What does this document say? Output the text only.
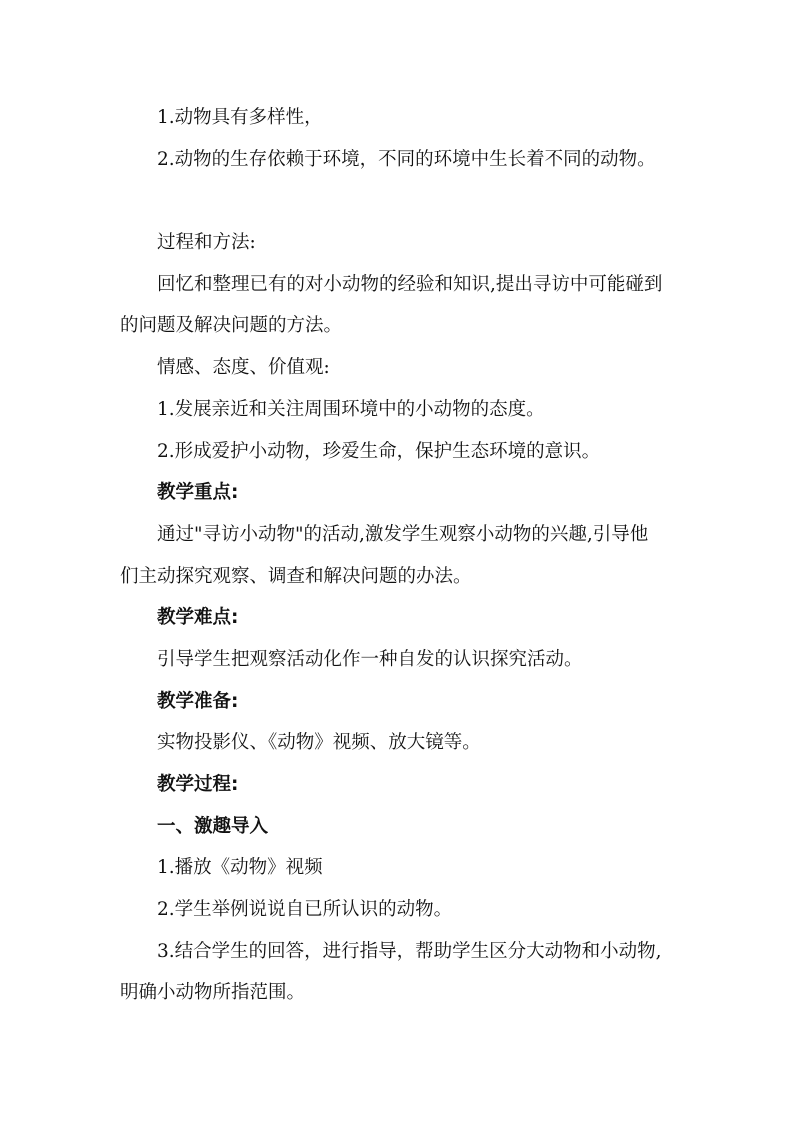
1.动物具有多样性，
2.动物的生存依赖于环境，不同的环境中生长着不同的动物。
过程和方法:
回忆和整理已有的对小动物的经验和知识,提出寻访中可能碰到
的问题及解决问题的方法。
情感、态度、价值观:
1.发展亲近和关注周围环境中的小动物的态度。
2.形成爱护小动物，珍爱生命，保护生态环境的意识。
教学重点:
通过"寻访小动物"的活动,激发学生观察小动物的兴趣,引导他
们主动探究观察、调查和解决问题的办法。
教学难点:
引导学生把观察活动化作一种自发的认识探究活动。
教学准备:
实物投影仪、《动物》视频、放大镜等。
教学过程:
一、激趣导入
1.播放《动物》视频
2.学生举例说说自已所认识的动物。
3.结合学生的回答，进行指导，帮助学生区分大动物和小动物,
明确小动物所指范围。
